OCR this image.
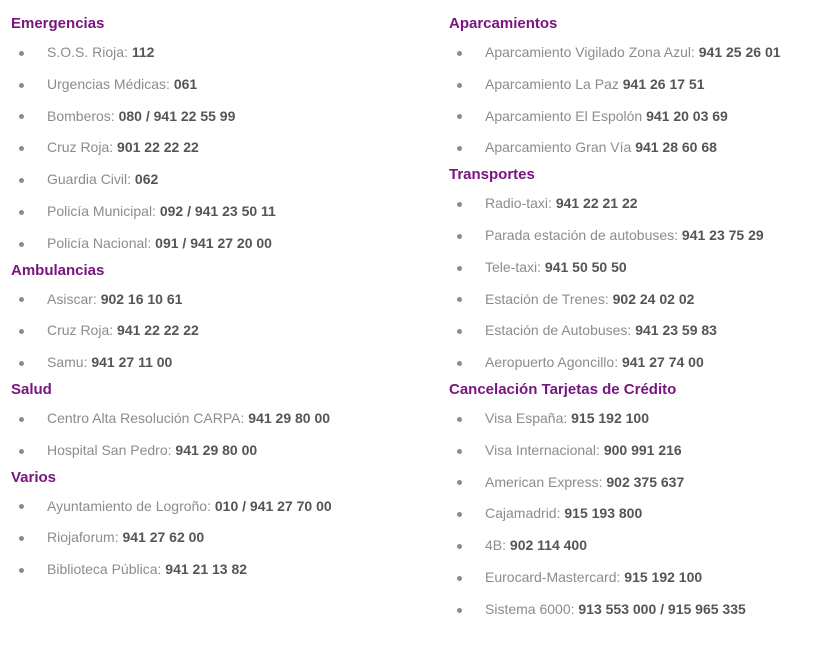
Emergencias
S.O.S. Rioja: 112
Urgencias Médicas: 061
Bomberos: 080 / 941 22 55 99
Cruz Roja: 901 22 22 22
Guardia Civil: 062
Policía Municipal: 092 / 941 23 50 11
Policía Nacional: 091 / 941 27 20 00
Ambulancias
Asiscar: 902 16 10 61
Cruz Roja: 941 22 22 22
Samu: 941 27 11 00
Salud
Centro Alta Resolución CARPA: 941 29 80 00
Hospital San Pedro: 941 29 80 00
Varios
Ayuntamiento de Logroño: 010 / 941 27 70 00
Riojaforum: 941 27 62 00
Biblioteca Pública: 941 21 13 82
Aparcamientos
Aparcamiento Vigilado Zona Azul: 941 25 26 01
Aparcamiento La Paz 941 26 17 51
Aparcamiento El Espolón 941 20 03 69
Aparcamiento Gran Vía 941 28 60 68
Transportes
Radio-taxi: 941 22 21 22
Parada estación de autobuses: 941 23 75 29
Tele-taxi: 941 50 50 50
Estación de Trenes: 902 24 02 02
Estación de Autobuses: 941 23 59 83
Aeropuerto Agoncillo: 941 27 74 00
Cancelación Tarjetas de Crédito
Visa España: 915 192 100
Visa Internacional: 900 991 216
American Express: 902 375 637
Cajamadrid: 915 193 800
4B: 902 114 400
Eurocard-Mastercard: 915 192 100
Sistema 6000: 913 553 000 / 915 965 335
